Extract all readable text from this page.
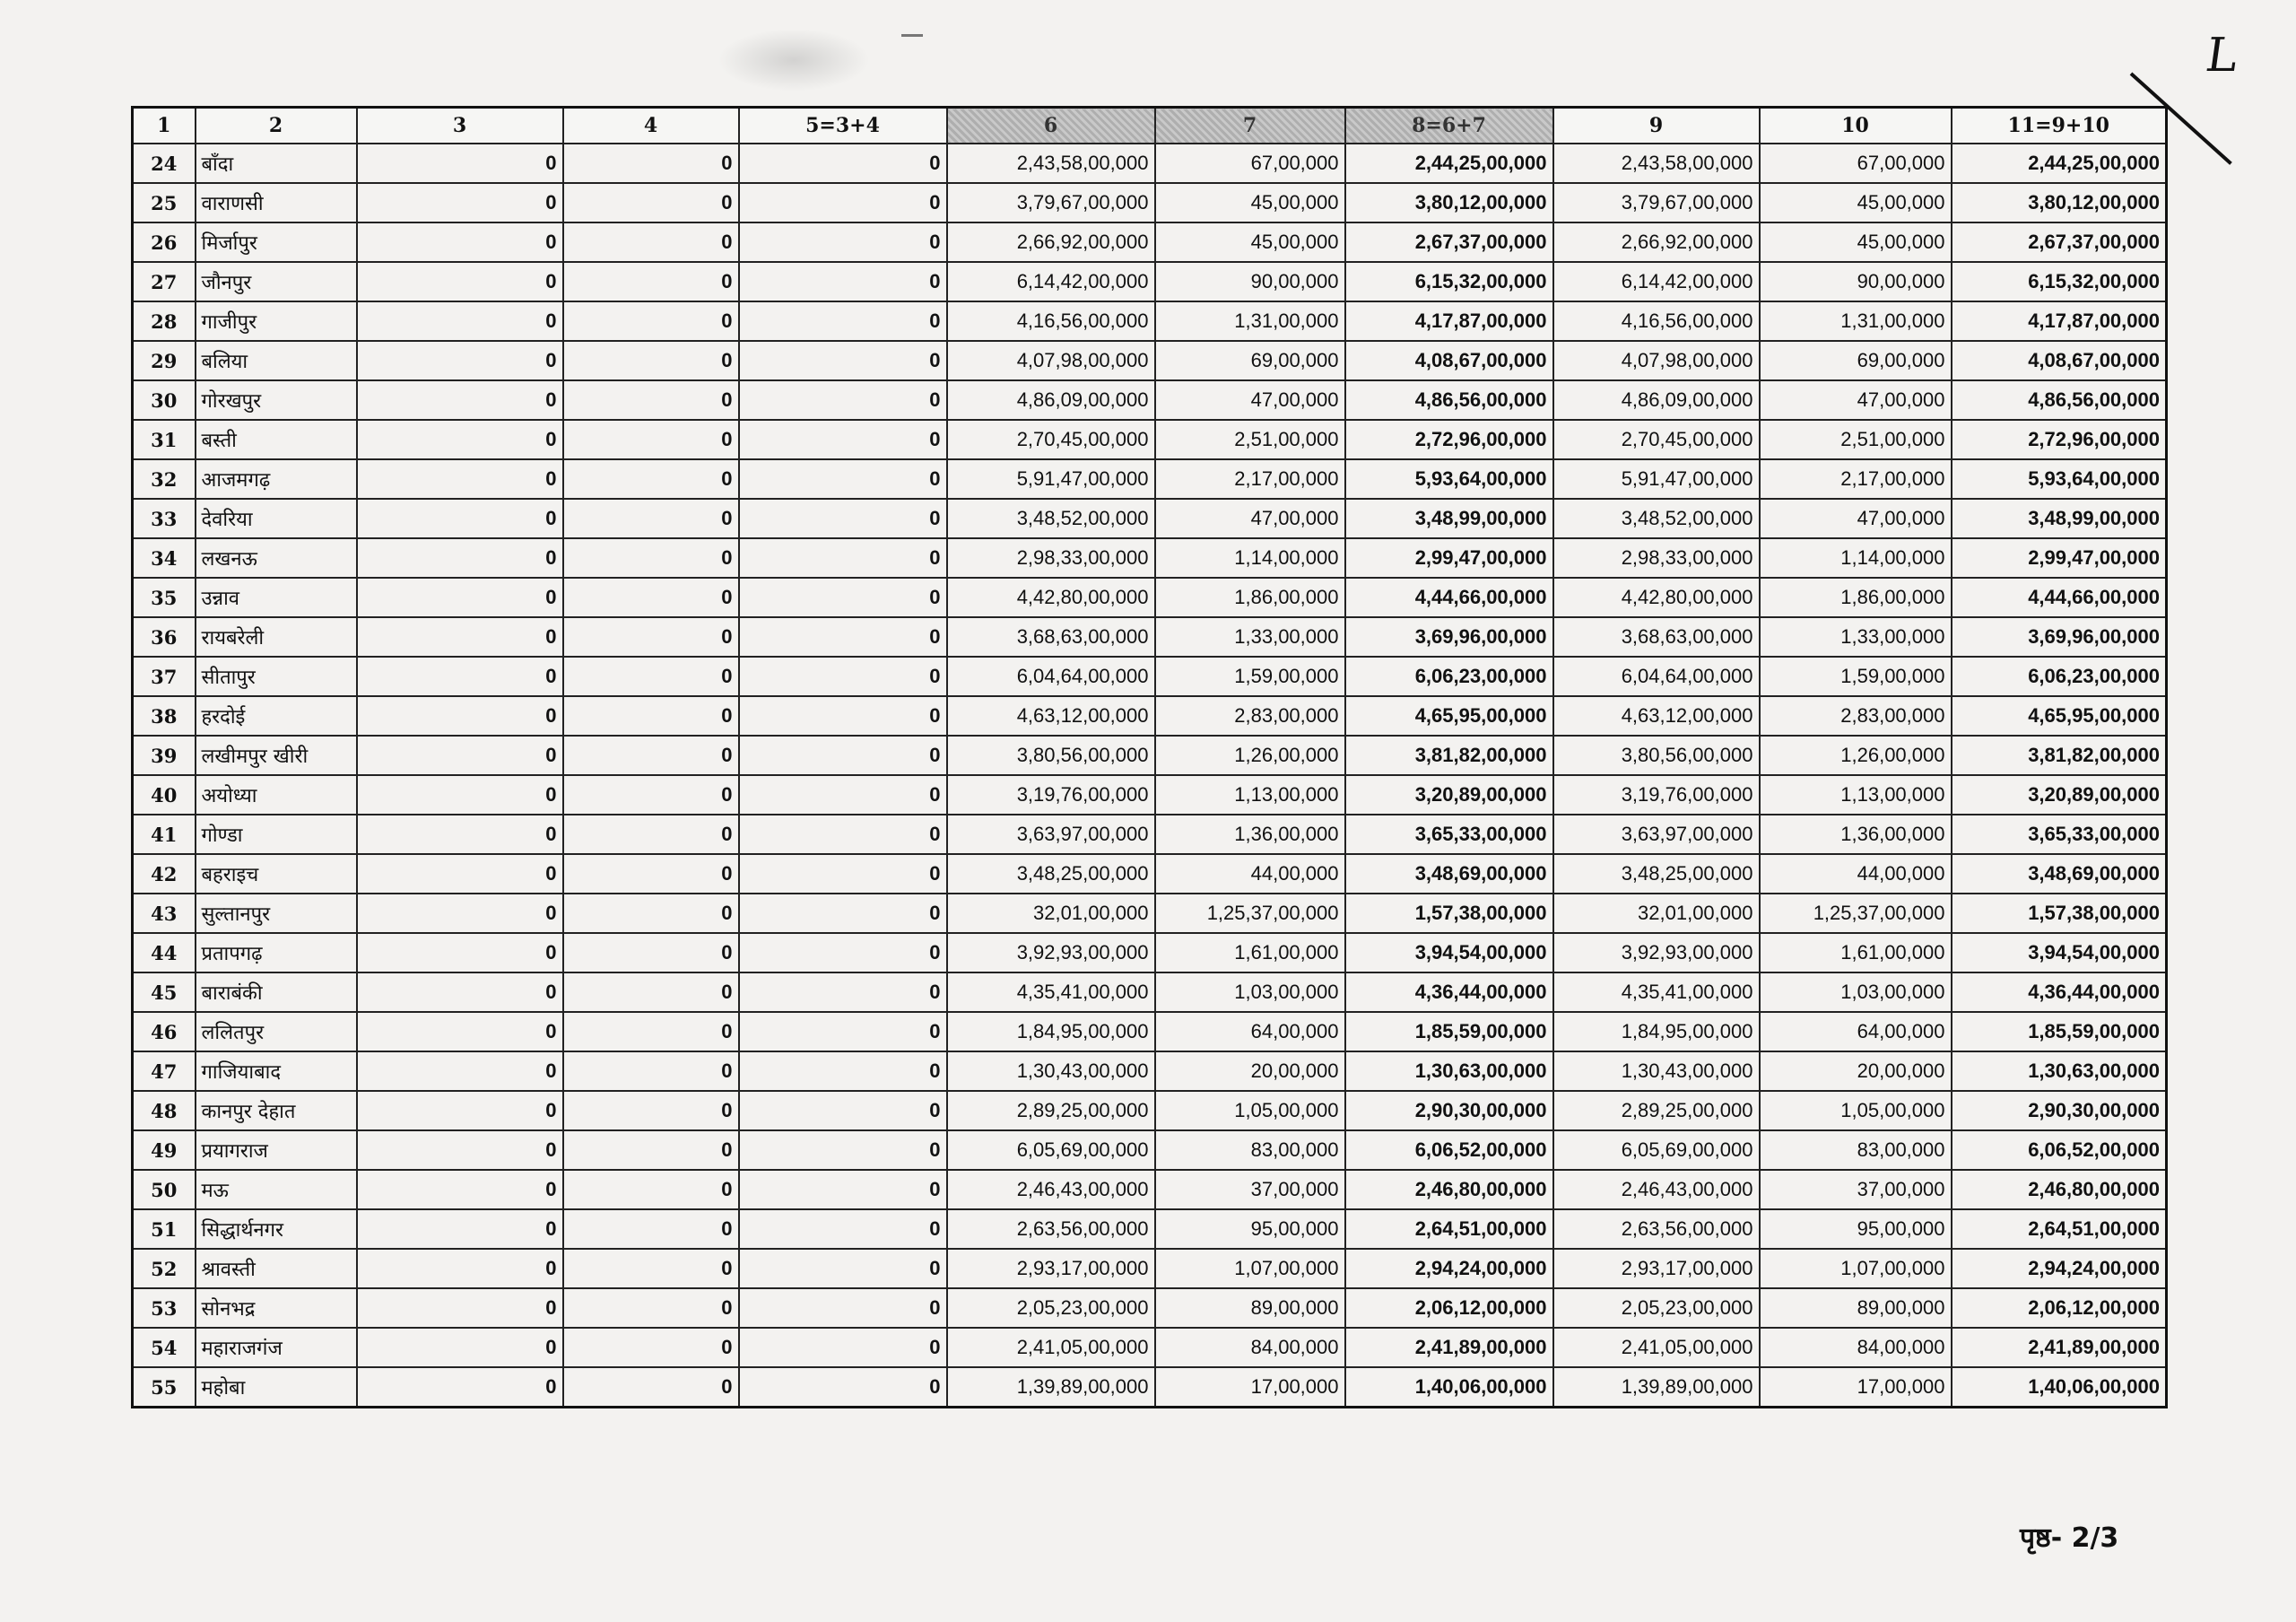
L
1	2	3	4	5=3+4	6	7	8=6+7	9	10	11=9+10
24	बाँदा	0	0	0	2,43,58,00,000	67,00,000	2,44,25,00,000	2,43,58,00,000	67,00,000	2,44,25,00,000
25	वाराणसी	0	0	0	3,79,67,00,000	45,00,000	3,80,12,00,000	3,79,67,00,000	45,00,000	3,80,12,00,000
26	मिर्जापुर	0	0	0	2,66,92,00,000	45,00,000	2,67,37,00,000	2,66,92,00,000	45,00,000	2,67,37,00,000
27	जौनपुर	0	0	0	6,14,42,00,000	90,00,000	6,15,32,00,000	6,14,42,00,000	90,00,000	6,15,32,00,000
28	गाजीपुर	0	0	0	4,16,56,00,000	1,31,00,000	4,17,87,00,000	4,16,56,00,000	1,31,00,000	4,17,87,00,000
29	बलिया	0	0	0	4,07,98,00,000	69,00,000	4,08,67,00,000	4,07,98,00,000	69,00,000	4,08,67,00,000
30	गोरखपुर	0	0	0	4,86,09,00,000	47,00,000	4,86,56,00,000	4,86,09,00,000	47,00,000	4,86,56,00,000
31	बस्ती	0	0	0	2,70,45,00,000	2,51,00,000	2,72,96,00,000	2,70,45,00,000	2,51,00,000	2,72,96,00,000
32	आजमगढ़	0	0	0	5,91,47,00,000	2,17,00,000	5,93,64,00,000	5,91,47,00,000	2,17,00,000	5,93,64,00,000
33	देवरिया	0	0	0	3,48,52,00,000	47,00,000	3,48,99,00,000	3,48,52,00,000	47,00,000	3,48,99,00,000
34	लखनऊ	0	0	0	2,98,33,00,000	1,14,00,000	2,99,47,00,000	2,98,33,00,000	1,14,00,000	2,99,47,00,000
35	उन्नाव	0	0	0	4,42,80,00,000	1,86,00,000	4,44,66,00,000	4,42,80,00,000	1,86,00,000	4,44,66,00,000
36	रायबरेली	0	0	0	3,68,63,00,000	1,33,00,000	3,69,96,00,000	3,68,63,00,000	1,33,00,000	3,69,96,00,000
37	सीतापुर	0	0	0	6,04,64,00,000	1,59,00,000	6,06,23,00,000	6,04,64,00,000	1,59,00,000	6,06,23,00,000
38	हरदोई	0	0	0	4,63,12,00,000	2,83,00,000	4,65,95,00,000	4,63,12,00,000	2,83,00,000	4,65,95,00,000
39	लखीमपुर खीरी	0	0	0	3,80,56,00,000	1,26,00,000	3,81,82,00,000	3,80,56,00,000	1,26,00,000	3,81,82,00,000
40	अयोध्या	0	0	0	3,19,76,00,000	1,13,00,000	3,20,89,00,000	3,19,76,00,000	1,13,00,000	3,20,89,00,000
41	गोण्डा	0	0	0	3,63,97,00,000	1,36,00,000	3,65,33,00,000	3,63,97,00,000	1,36,00,000	3,65,33,00,000
42	बहराइच	0	0	0	3,48,25,00,000	44,00,000	3,48,69,00,000	3,48,25,00,000	44,00,000	3,48,69,00,000
43	सुल्तानपुर	0	0	0	32,01,00,000	1,25,37,00,000	1,57,38,00,000	32,01,00,000	1,25,37,00,000	1,57,38,00,000
44	प्रतापगढ़	0	0	0	3,92,93,00,000	1,61,00,000	3,94,54,00,000	3,92,93,00,000	1,61,00,000	3,94,54,00,000
45	बाराबंकी	0	0	0	4,35,41,00,000	1,03,00,000	4,36,44,00,000	4,35,41,00,000	1,03,00,000	4,36,44,00,000
46	ललितपुर	0	0	0	1,84,95,00,000	64,00,000	1,85,59,00,000	1,84,95,00,000	64,00,000	1,85,59,00,000
47	गाजियाबाद	0	0	0	1,30,43,00,000	20,00,000	1,30,63,00,000	1,30,43,00,000	20,00,000	1,30,63,00,000
48	कानपुर देहात	0	0	0	2,89,25,00,000	1,05,00,000	2,90,30,00,000	2,89,25,00,000	1,05,00,000	2,90,30,00,000
49	प्रयागराज	0	0	0	6,05,69,00,000	83,00,000	6,06,52,00,000	6,05,69,00,000	83,00,000	6,06,52,00,000
50	मऊ	0	0	0	2,46,43,00,000	37,00,000	2,46,80,00,000	2,46,43,00,000	37,00,000	2,46,80,00,000
51	सिद्धार्थनगर	0	0	0	2,63,56,00,000	95,00,000	2,64,51,00,000	2,63,56,00,000	95,00,000	2,64,51,00,000
52	श्रावस्ती	0	0	0	2,93,17,00,000	1,07,00,000	2,94,24,00,000	2,93,17,00,000	1,07,00,000	2,94,24,00,000
53	सोनभद्र	0	0	0	2,05,23,00,000	89,00,000	2,06,12,00,000	2,05,23,00,000	89,00,000	2,06,12,00,000
54	महाराजगंज	0	0	0	2,41,05,00,000	84,00,000	2,41,89,00,000	2,41,05,00,000	84,00,000	2,41,89,00,000
55	महोबा	0	0	0	1,39,89,00,000	17,00,000	1,40,06,00,000	1,39,89,00,000	17,00,000	1,40,06,00,000
पृष्ठ- 2/3
